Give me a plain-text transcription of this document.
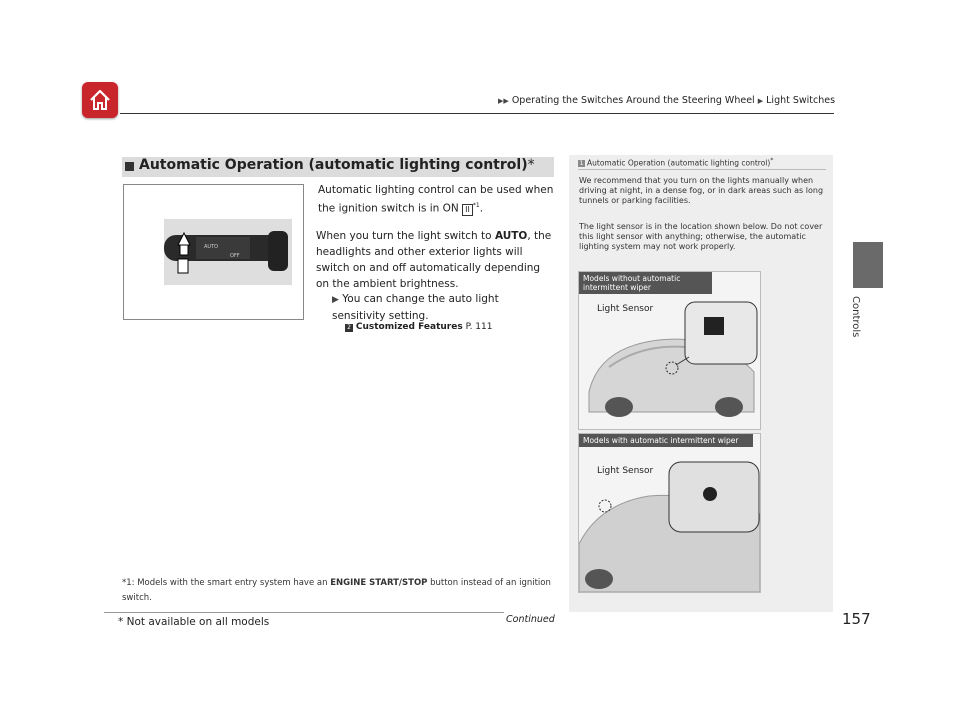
▶▶ Operating the Switches Around the Steering Wheel ▶ Light Switches
Controls
Automatic Operation (automatic lighting control)*
AUTO
OFF
Automatic lighting control can be used when the ignition switch is in ON II $^{*1}$.
When you turn the light switch to AUTO, the headlights and other exterior lights will switch on and off automatically depending on the ambient brightness.
▶ You can change the auto light sensitivity setting.
2 Customized Features P. 111
*1: Models with the smart entry system have an ENGINE START/STOP button instead of an ignition switch.
1 Automatic Operation (automatic lighting control)*
We recommend that you turn on the lights manually when driving at night, in a dense fog, or in dark areas such as long tunnels or parking facilities.
The light sensor is in the location shown below. Do not cover this light sensor with anything; otherwise, the automatic lighting system may not work properly.
Models without automatic intermittent wiper
Light Sensor
Models with automatic intermittent wiper
Light Sensor
* Not available on all models	Continued	157
